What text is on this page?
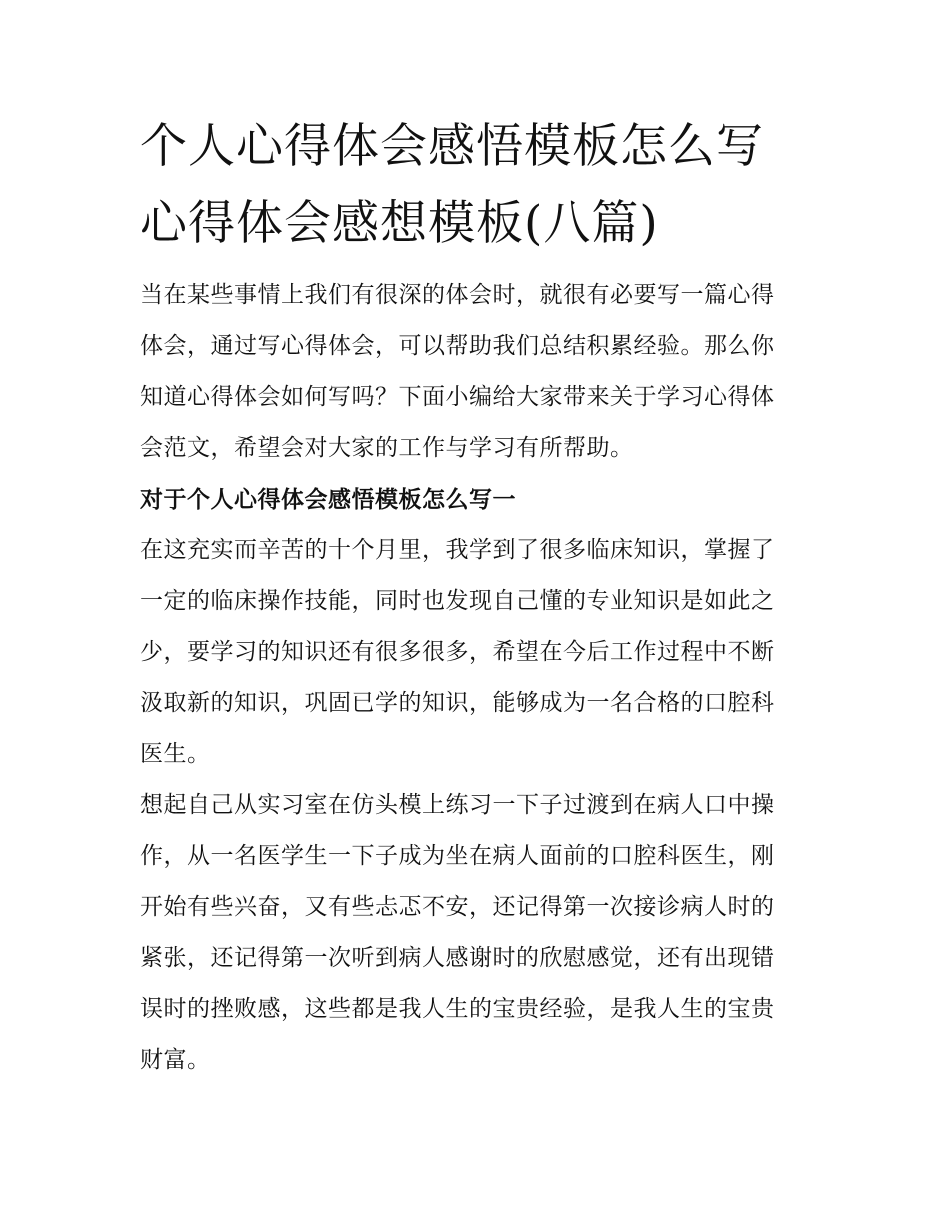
个人心得体会感悟模板怎么写
心得体会感想模板(八篇)

当在某些事情上我们有很深的体会时，就很有必要写一篇心得
体会，通过写心得体会，可以帮助我们总结积累经验。那么你
知道心得体会如何写吗？下面小编给大家带来关于学习心得体
会范文，希望会对大家的工作与学习有所帮助。

对于个人心得体会感悟模板怎么写一

在这充实而辛苦的十个月里，我学到了很多临床知识，掌握了
一定的临床操作技能，同时也发现自己懂的专业知识是如此之
少，要学习的知识还有很多很多，希望在今后工作过程中不断
汲取新的知识，巩固已学的知识，能够成为一名合格的口腔科
医生。

想起自己从实习室在仿头模上练习一下子过渡到在病人口中操
作，从一名医学生一下子成为坐在病人面前的口腔科医生，刚
开始有些兴奋，又有些忐忑不安，还记得第一次接诊病人时的
紧张，还记得第一次听到病人感谢时的欣慰感觉，还有出现错
误时的挫败感，这些都是我人生的宝贵经验，是我人生的宝贵
财富。
